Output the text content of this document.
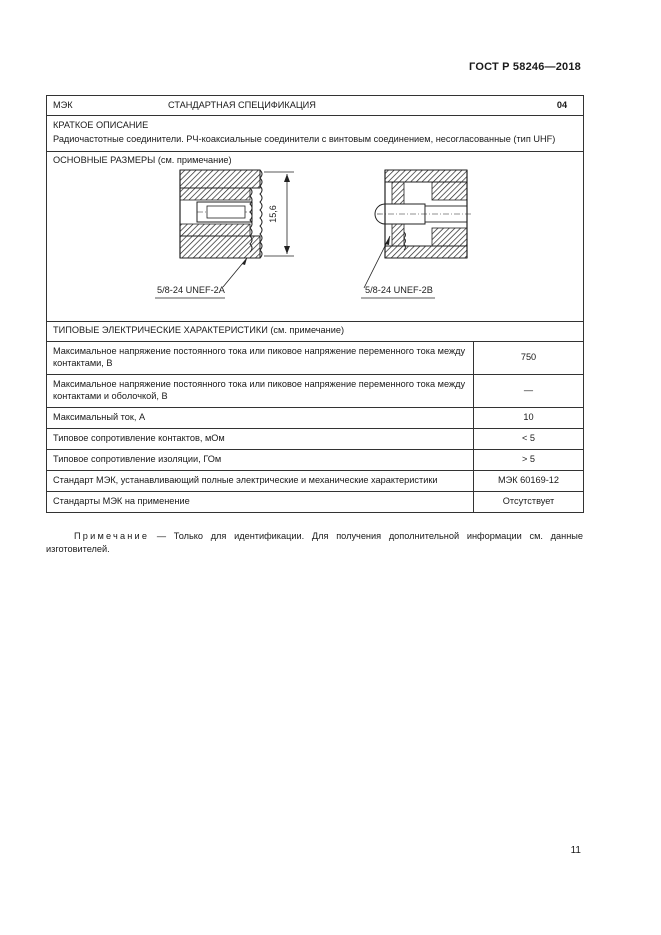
ГОСТ Р 58246—2018
МЭК СТАНДАРТНАЯ СПЕЦИФИКАЦИЯ 04	

КРАТКОЕ ОПИСАНИЕ
Радиочастотные соединители. РЧ-коаксиальные соединители с винтовым соединением, несогласованные (тип UHF)	

ОСНОВНЫЕ РАЗМЕРЫ (см. примечание)
15,6
5/8-24 UNEF-2A 5/8-24 UNEF-2B	

ТИПОВЫЕ ЭЛЕКТРИЧЕСКИЕ ХАРАКТЕРИСТИКИ (см. примечание)	
Максимальное напряжение постоянного тока или пиковое напряжение переменного тока между контактами, В	750
Максимальное напряжение постоянного тока или пиковое напряжение переменного тока между контактами и оболочкой, В	—
Максимальный ток, А	10
Типовое сопротивление контактов, мОм	< 5
Типовое сопротивление изоляции, ГОм	> 5
Стандарт МЭК, устанавливающий полные электрические и механические характеристики	МЭК 60169-12
Стандарты МЭК на применение	Отсутствует
Примечание — Только для идентификации. Для получения дополнительной информации см. данные изготовителей.
11
